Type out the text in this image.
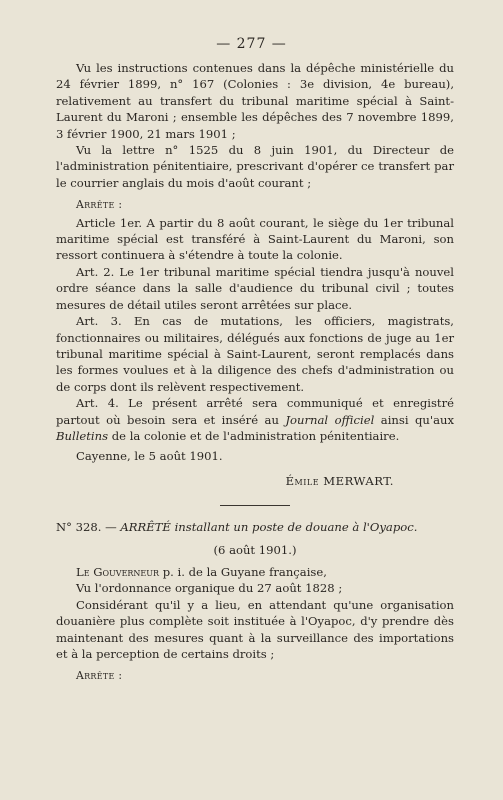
— 277 —

Vu les instructions contenues dans la dépêche ministérielle du 24 février 1899, n° 167 (Colonies : 3e division, 4e bureau), relativement au transfert du tribunal maritime spécial à Saint-Laurent du Maroni ; ensemble les dépêches des 7 novembre 1899, 3 février 1900, 21 mars 1901 ;

Vu la lettre n° 1525 du 8 juin 1901, du Directeur de l'administration pénitentiaire, prescrivant d'opérer ce transfert par le courrier anglais du mois d'août courant ;

Arrête :

Article 1er. A partir du 8 août courant, le siège du 1er tribunal maritime spécial est transféré à Saint-Laurent du Maroni, son ressort continuera à s'étendre à toute la colonie.

Art. 2. Le 1er tribunal maritime spécial tiendra jusqu'à nouvel ordre séance dans la salle d'audience du tribunal civil ; toutes mesures de détail utiles seront arrêtées sur place.

Art. 3. En cas de mutations, les officiers, magistrats, fonctionnaires ou militaires, délégués aux fonctions de juge au 1er tribunal maritime spécial à Saint-Laurent, seront remplacés dans les formes voulues et à la diligence des chefs d'administration ou de corps dont ils relèvent respectivement.

Art. 4. Le présent arrêté sera communiqué et enregistré partout où besoin sera et inséré au Journal officiel ainsi qu'aux Bulletins de la colonie et de l'administration pénitentiaire.

Cayenne, le 5 août 1901.
Émile MERWART.

N° 328. — ARRÊTÉ installant un poste de douane à l'Oyapoc.

(6 août 1901.)

Le Gouverneur p. i. de la Guyane française,

Vu l'ordonnance organique du 27 août 1828 ;

Considérant qu'il y a lieu, en attendant qu'une organisation douanière plus complète soit instituée à l'Oyapoc, d'y prendre dès maintenant des mesures quant à la surveillance des importations et à la perception de certains droits ;

Arrête :
